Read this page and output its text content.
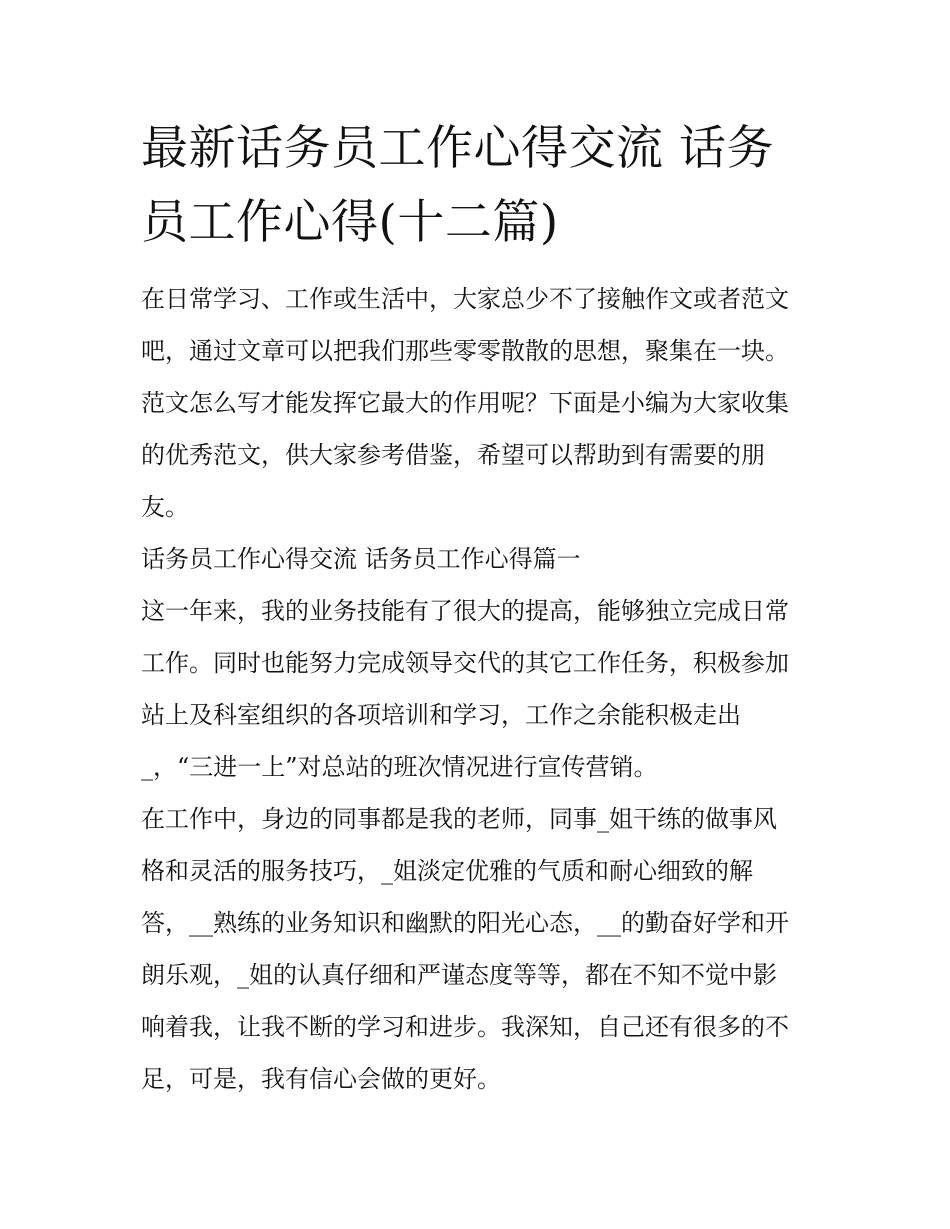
最新话务员工作心得交流 话务
员工作心得(十二篇)

在日常学习、工作或生活中，大家总少不了接触作文或者范文
吧，通过文章可以把我们那些零零散散的思想，聚集在一块。
范文怎么写才能发挥它最大的作用呢？下面是小编为大家收集
的优秀范文，供大家参考借鉴，希望可以帮助到有需要的朋
友。

话务员工作心得交流 话务员工作心得篇一

这一年来，我的业务技能有了很大的提高，能够独立完成日常
工作。同时也能努力完成领导交代的其它工作任务，积极参加
站上及科室组织的各项培训和学习，工作之余能积极走出
_，“三进一上”对总站的班次情况进行宣传营销。

在工作中，身边的同事都是我的老师，同事_姐干练的做事风
格和灵活的服务技巧，_姐淡定优雅的气质和耐心细致的解
答，__熟练的业务知识和幽默的阳光心态，__的勤奋好学和开
朗乐观，_姐的认真仔细和严谨态度等等，都在不知不觉中影
响着我，让我不断的学习和进步。我深知，自己还有很多的不
足，可是，我有信心会做的更好。
